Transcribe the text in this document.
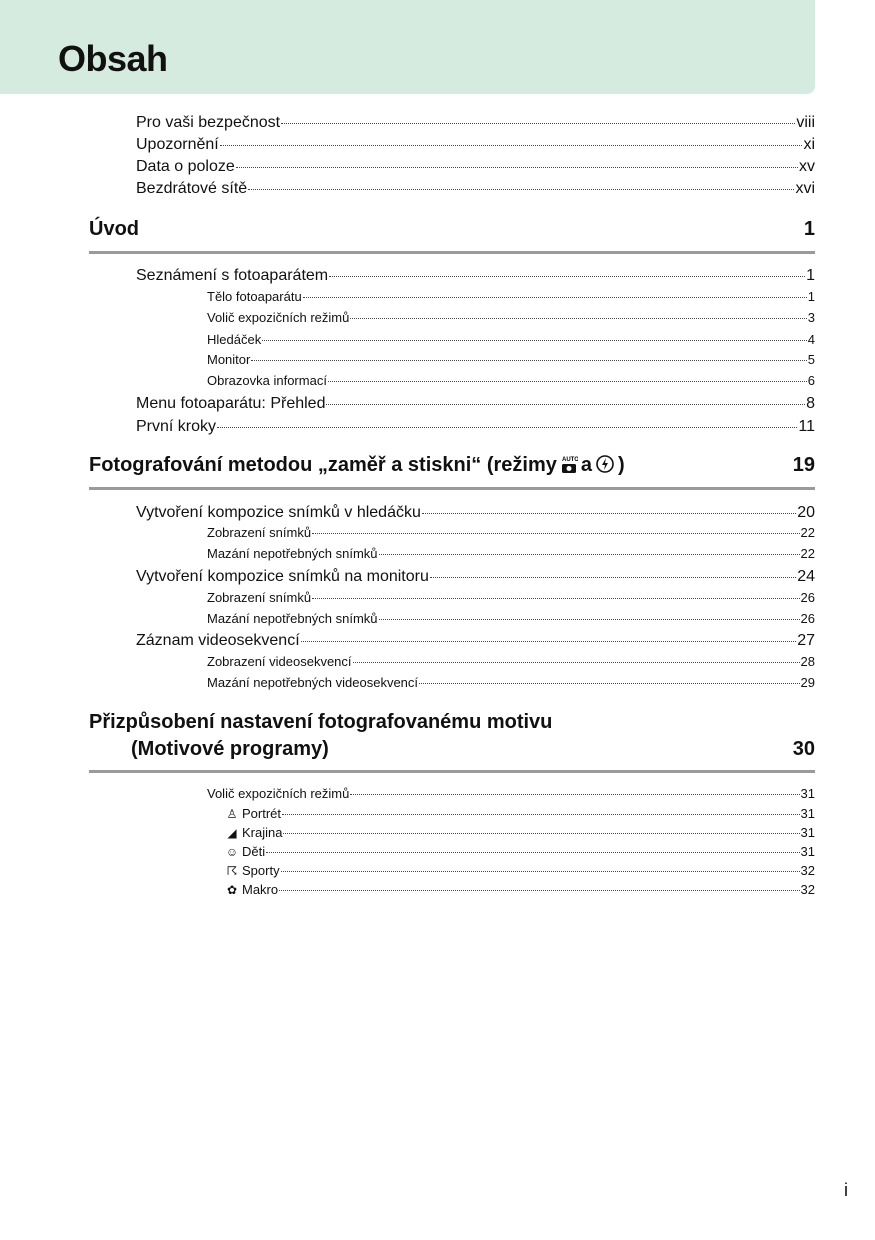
Obsah
Pro vaši bezpečnost	viii
Upozornění	xi
Data o poloze	xv
Bezdrátové sítě	xvi
Úvod	1
Seznámení s fotoaparátem	1
Tělo fotoaparátu	1
Volič expozičních režimů	3
Hledáček	4
Monitor	5
Obrazovka informací	6
Menu fotoaparátu: Přehled	8
První kroky	11
Fotografování metodou „zaměř a stiskni“ (režimy AUTO a )	19
Vytvoření kompozice snímků v hledáčku	20
Zobrazení snímků	22
Mazání nepotřebných snímků	22
Vytvoření kompozice snímků na monitoru	24
Zobrazení snímků	26
Mazání nepotřebných snímků	26
Záznam videosekvencí	27
Zobrazení videosekvencí	28
Mazání nepotřebných videosekvencí	29
Přizpůsobení nastavení fotografovanému motivu
(Motivové programy)	30
Volič expozičních režimů	31
♙ Portrét	31
◢ Krajina	31
☺ Děti	31
☈ Sporty	32
✿ Makro	32
i
